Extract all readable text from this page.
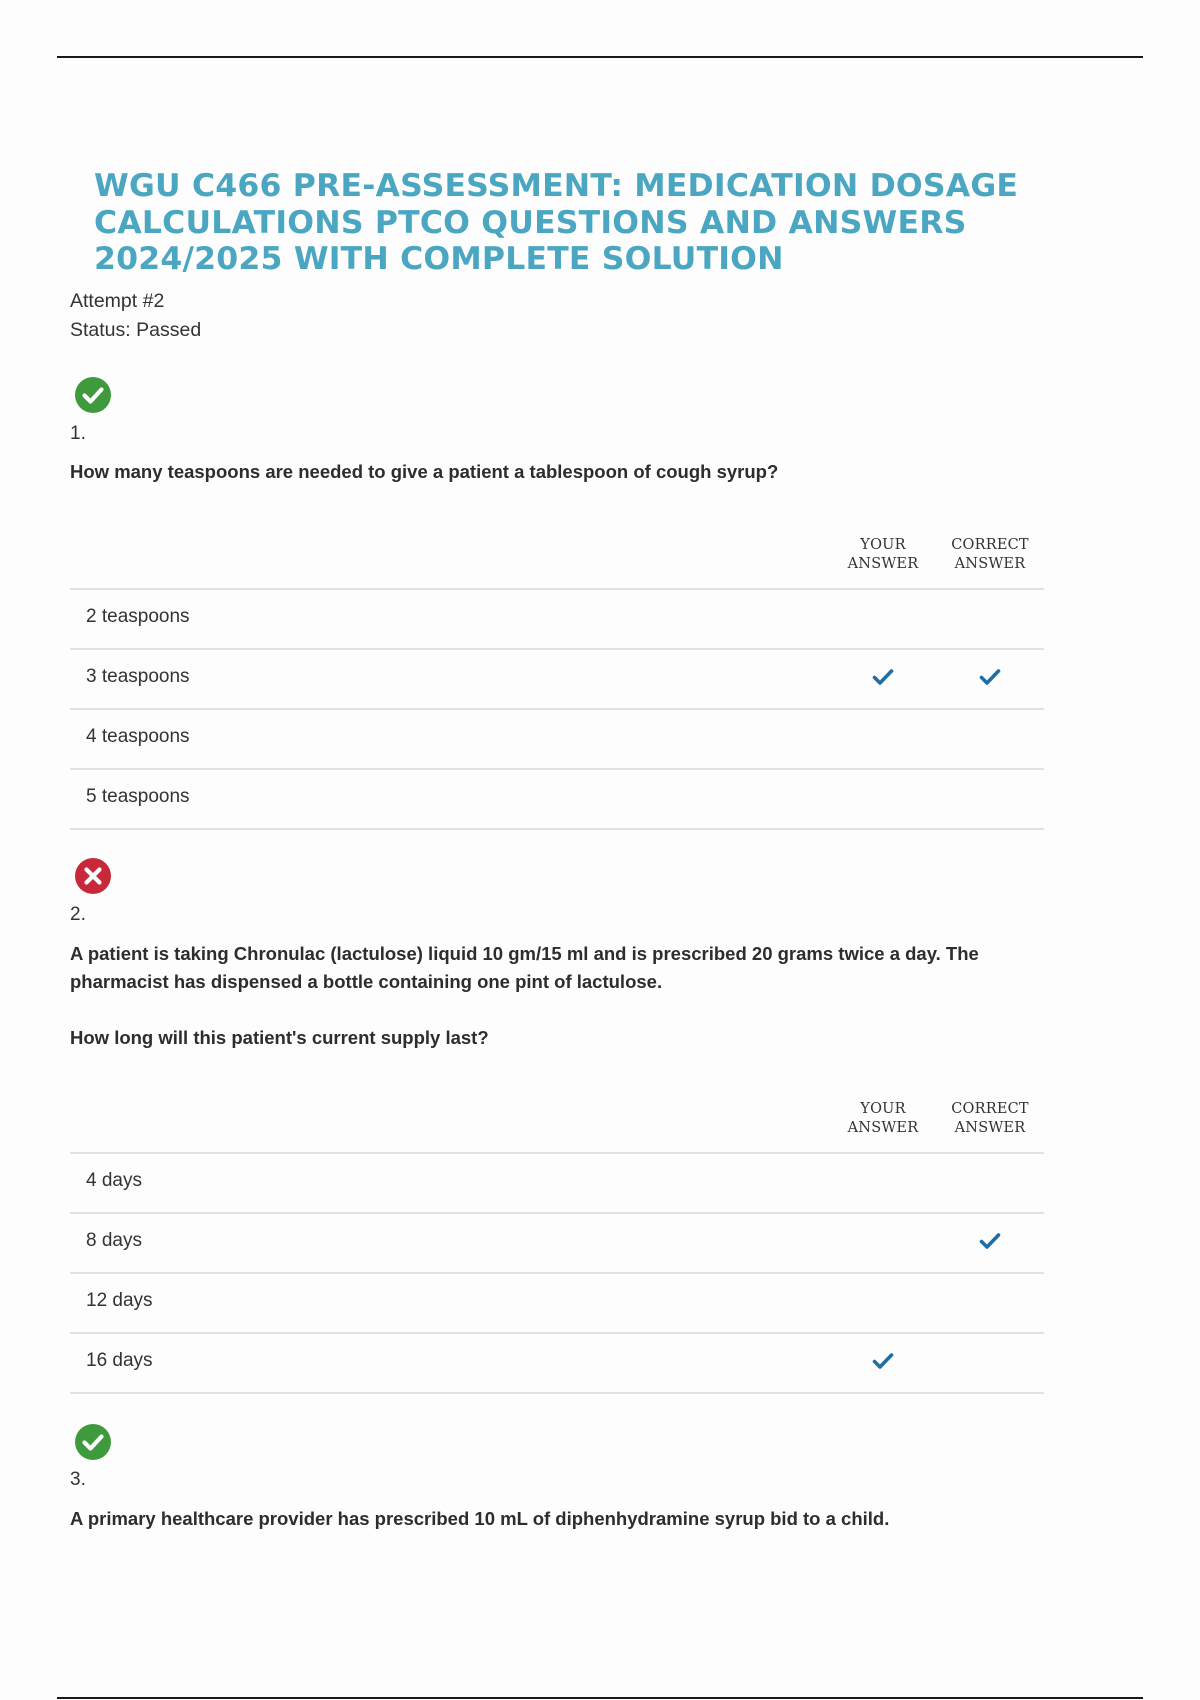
WGU C466 PRE-ASSESSMENT: MEDICATION DOSAGE
CALCULATIONS PTCO QUESTIONS AND ANSWERS
2024/2025 WITH COMPLETE SOLUTION
Attempt #2
Status: Passed
1.

How many teaspoons are needed to give a patient a tablespoon of cough syrup?

YOUR
ANSWER
CORRECT
ANSWER
2 teaspoons
3 teaspoons
4 teaspoons
5 teaspoons
2.

A patient is taking Chronulac (lactulose) liquid 10 gm/15 ml and is prescribed 20 grams twice a day. The pharmacist has dispensed a bottle containing one pint of lactulose.

How long will this patient's current supply last?

YOUR
ANSWER
CORRECT
ANSWER
4 days
8 days
12 days
16 days
3.

A primary healthcare provider has prescribed 10 mL of diphenhydramine syrup bid to a child.
